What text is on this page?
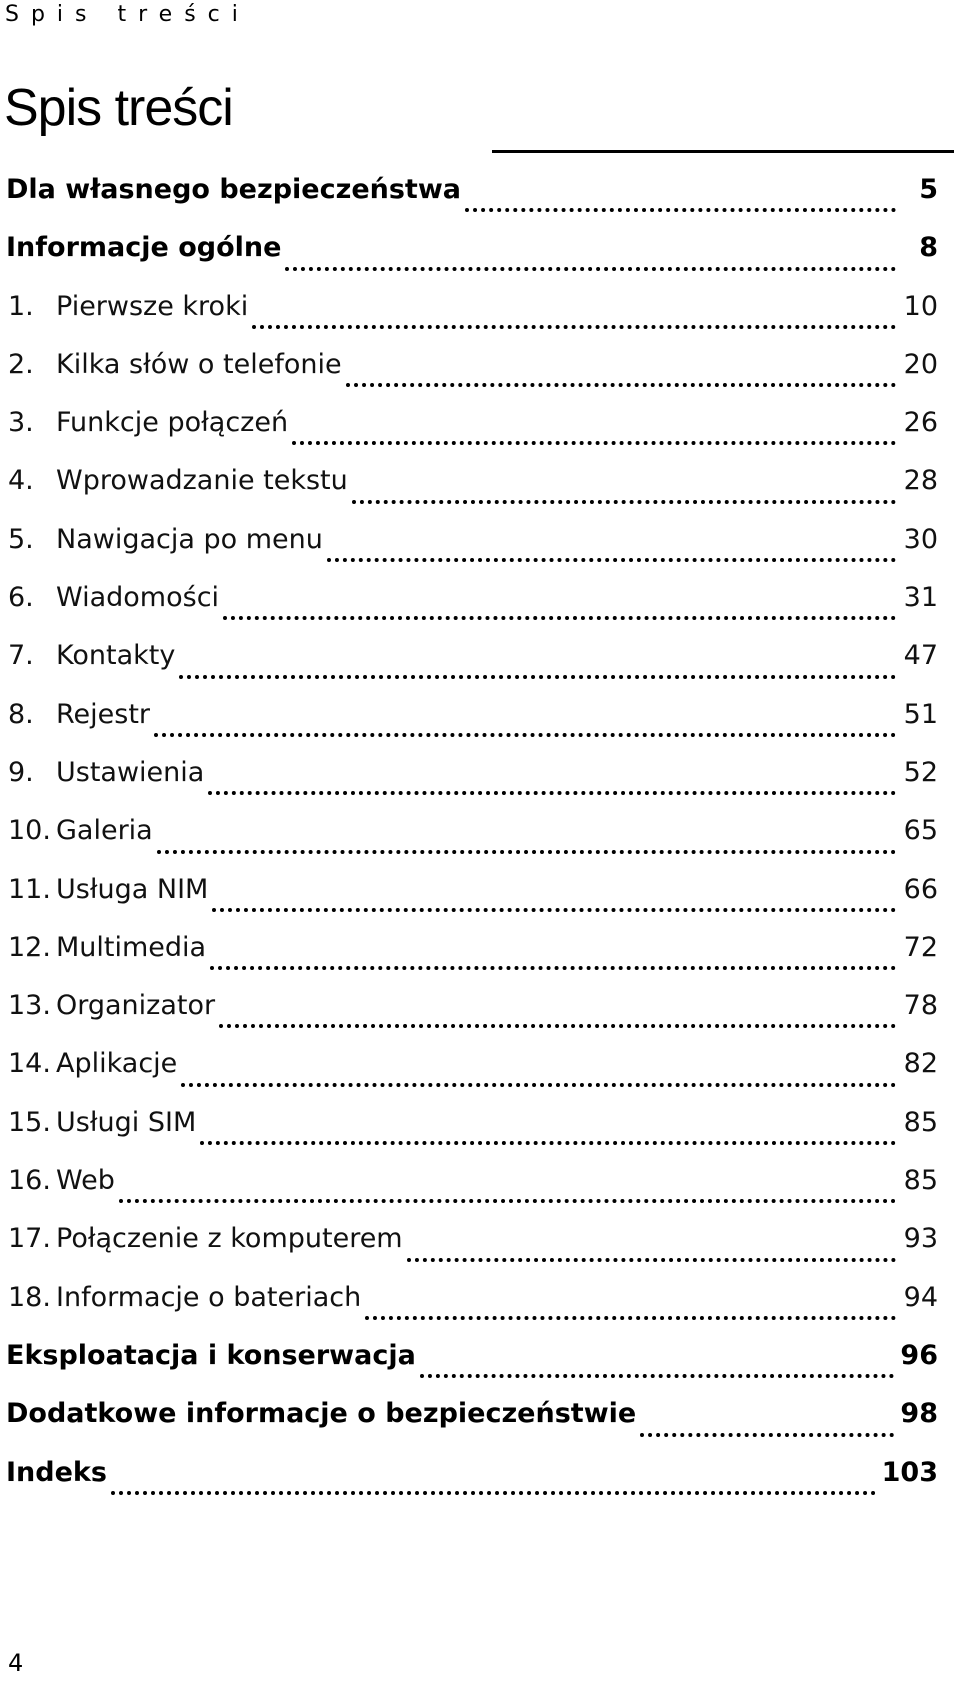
Spis treści
Spis treści
Dla własnego bezpieczeństwa	5
Informacje ogólne	8
1. Pierwsze kroki	10
2. Kilka słów o telefonie	20
3. Funkcje połączeń	26
4. Wprowadzanie tekstu	28
5. Nawigacja po menu	30
6. Wiadomości	31
7. Kontakty	47
8. Rejestr	51
9. Ustawienia	52
10. Galeria	65
11. Usługa NIM	66
12. Multimedia	72
13. Organizator	78
14. Aplikacje	82
15. Usługi SIM	85
16. Web	85
17. Połączenie z komputerem	93
18. Informacje o bateriach	94
Eksploatacja i konserwacja	96
Dodatkowe informacje o bezpieczeństwie	98
Indeks	103
4
